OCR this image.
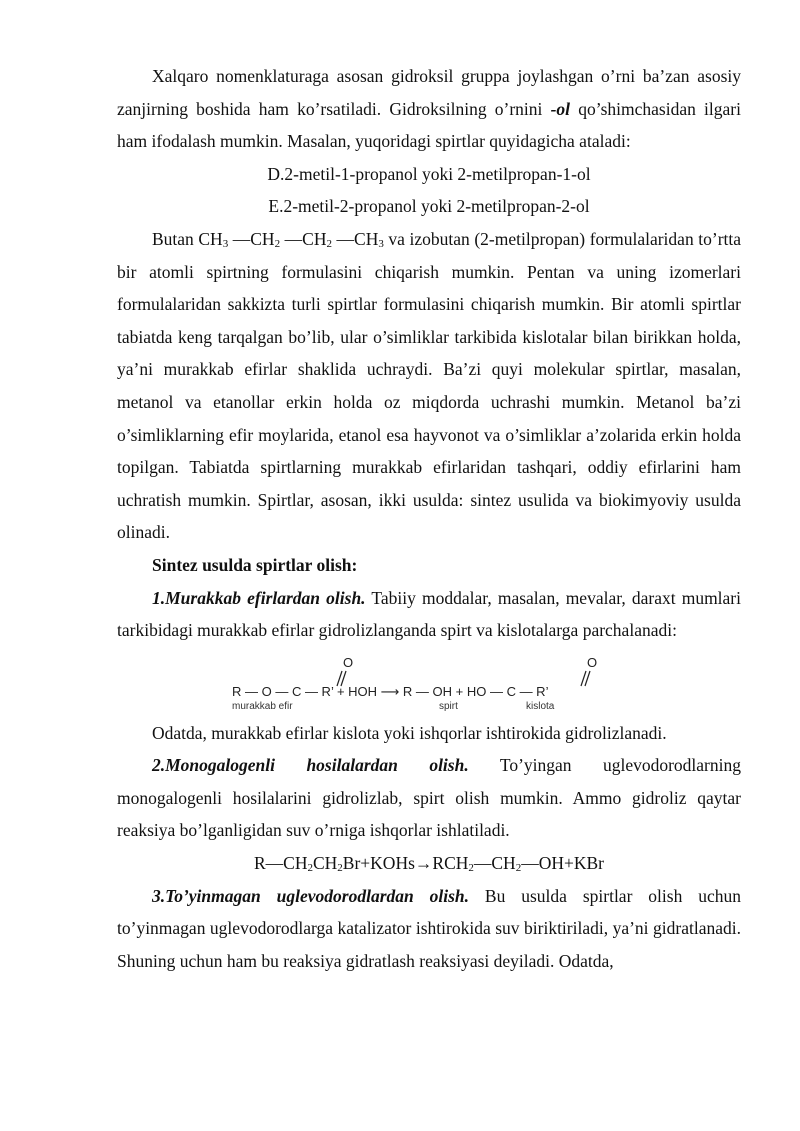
Xalqaro nomenklaturaga asosan gidroksil gruppa joylashgan o’rni ba’zan asosiy zanjirning boshida ham ko’rsatiladi. Gidroksilning o’rnini -ol qo’shimchasidan ilgari ham ifodalash mumkin. Masalan, yuqoridagi spirtlar quyidagicha ataladi:

D.2-metil-1-propanol yoki 2-metilpropan-1-ol

E.2-metil-2-propanol yoki 2-metilpropan-2-ol

Butan $CH_3$ $—CH_2$ $—CH_2$ $—CH_3$ va izobutan (2-metilpropan) formulalaridan to’rtta bir atomli spirtning formulasini chiqarish mumkin. Pentan va uning izomerlari formulalaridan sakkizta turli spirtlar formulasini chiqarish mumkin. Bir atomli spirtlar tabiatda keng tarqalgan bo’lib, ular o’simliklar tarkibida kislotalar bilan birikkan holda, ya’ni murakkab efirlar shaklida uchraydi. Ba’zi quyi molekular spirtlar, masalan, metanol va etanollar erkin holda oz miqdorda uchrashi mumkin. Metanol ba’zi o’simliklarning efir moylarida, etanol esa hayvonot va o’simliklar a’zolarida erkin holda topilgan. Tabiatda spirtlarning murakkab efirlaridan tashqari, oddiy efirlarini ham uchratish mumkin. Spirtlar, asosan, ikki usulda: sintez usulida va biokimyoviy usulda olinadi.

Sintez usulda spirtlar olish:

1.Murakkab efirlardan olish. Tabiiy moddalar, masalan, mevalar, daraxt mumlari tarkibidagi murakkab efirlar gidrolizlanganda spirt va kislotalarga parchalanadi:

O	O
R — O — C — R’ + HOH ⟶ R — OH + HO — C — R’
murakkab efir	spirt	kislota

Odatda, murakkab efirlar kislota yoki ishqorlar ishtirokida gidrolizlanadi.

2.Monogalogenli hosilalardan olish. To’yingan uglevodorodlarning monogalogenli hosilalarini gidrolizlab, spirt olish mumkin. Ammo gidroliz qaytar reaksiya bo’lganligidan suv o’rniga ishqorlar ishlatiladi.

$R—CH_2CH_2Br+KOHs\to RCH_2—CH_2—OH+KBr$

3.To’yinmagan uglevodorodlardan olish. Bu usulda spirtlar olish uchun to’yinmagan uglevodorodlarga katalizator ishtirokida suv biriktiriladi, ya’ni gidratlanadi. Shuning uchun ham bu reaksiya gidratlash reaksiyasi deyiladi. Odatda,
